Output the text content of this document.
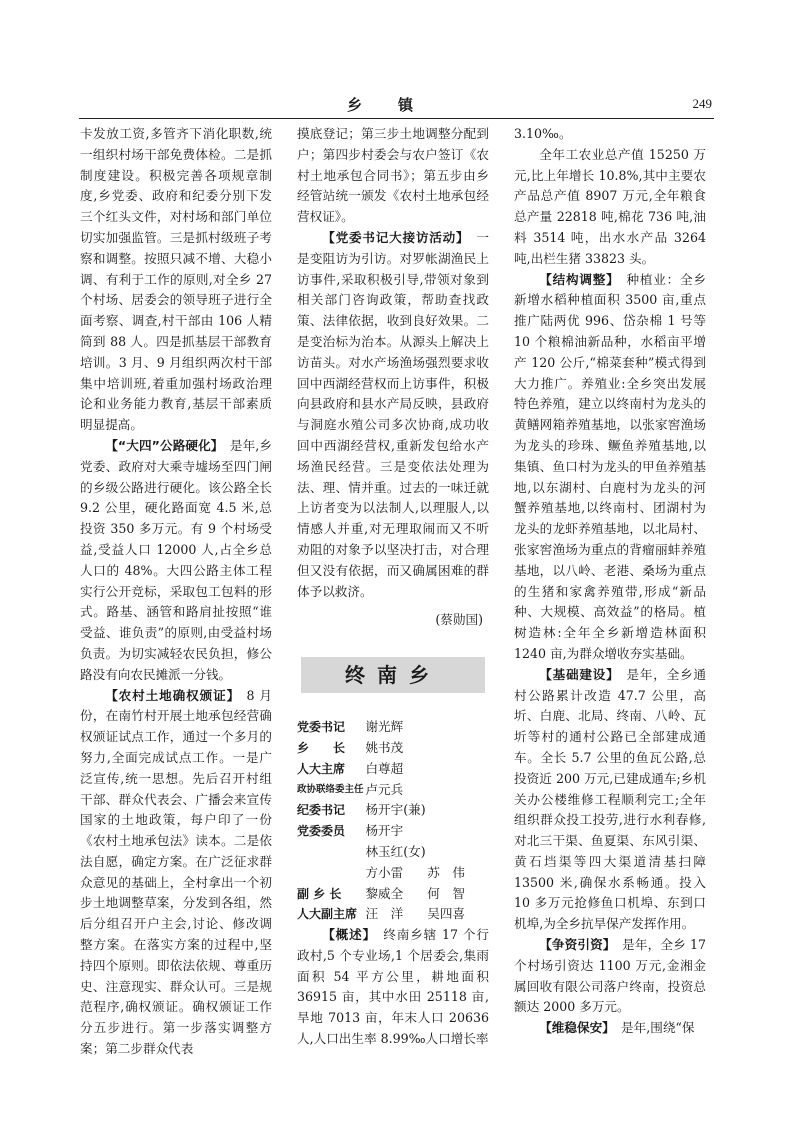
乡 镇	249

卡发放工资,多管齐下消化职数,统一组织村场干部免费体检。二是抓制度建设。积极完善各项规章制度,乡党委、政府和纪委分别下发三个红头文件，对村场和部门单位切实加强监管。三是抓村级班子考察和调整。按照只减不增、大稳小调、有利于工作的原则,对全乡 27 个村场、居委会的领导班子进行全面考察、调查,村干部由 106 人精简到 88 人。四是抓基层干部教育培训。3 月、9 月组织两次村干部集中培训班,着重加强村场政治理论和业务能力教育,基层干部素质明显提高。

【“大四”公路硬化】  是年,乡党委、政府对大乘寺墟场至四门闸的乡级公路进行硬化。该公路全长 9.2 公里，硬化路面宽 4.5 米,总投资 350 多万元。有 9 个村场受益,受益人口 12000 人,占全乡总人口的 48%。大四公路主体工程实行公开竞标，采取包工包料的形式。路基、涵管和路肩扯按照“谁受益、谁负责”的原则,由受益村场负责。为切实减轻农民负担，修公路没有向农民摊派一分钱。

【农村土地确权颁证】  8 月份，在南竹村开展土地承包经营确权颁证试点工作，通过一个多月的努力,全面完成试点工作。一是广泛宣传,统一思想。先后召开村组干部、群众代表会、广播会来宣传国家的土地政策，每户印了一份《农村土地承包法》读本。二是依法自愿，确定方案。在广泛征求群众意见的基础上，全村拿出一个初步土地调整草案，分发到各组，然后分组召开户主会,讨论、修改调整方案。在落实方案的过程中,坚持四个原则。即依法依规、尊重历史、注意现实、群众认可。三是规范程序,确权颁证。确权颁证工作分五步进行。第一步落实调整方案；第二步群众代表

摸底登记；第三步土地调整分配到户；第四步村委会与农户签订《农村土地承包合同书》；第五步由乡经管站统一颁发《农村土地承包经营权证》。

【党委书记大接访活动】  一是变阻访为引访。对罗帐湖渔民上访事件,采取积极引导,带领对象到相关部门咨询政策，帮助查找政策、法律依据，收到良好效果。二是变治标为治本。从源头上解决上访苗头。对水产场渔场强烈要求收回中西湖经营权而上访事件，积极向县政府和县水产局反映，县政府与洞庭水殖公司多次协商,成功收回中西湖经营权,重新发包给水产场渔民经营。三是变依法处理为法、理、情并重。过去的一味迁就上访者变为以法制人,以理服人,以情感人并重,对无理取闹而又不听劝阻的对象予以坚决打击，对合理但又没有依据，而又确属困难的群体予以救济。

(蔡勋国)

终南乡
党委书记	谢光辉
乡　　长	姚书茂
人大主席	白尊超
政协联络委主任	卢元兵
纪委书记	杨开宇(兼)
党委委员	杨开宇
	林玉红(女)
	方小雷 苏　伟
副 乡 长	黎威全 何　智
人大副主席	汪　洋 吴四喜

【概述】  终南乡辖 17 个行政村,5 个专业场,1 个居委会,集雨面积 54 平方公里，耕地面积 36915 亩，其中水田 25118 亩,旱地 7013 亩，年末人口 20636 人,人口出生率 8.99‰人口增长率

3.10‰。

全年工农业总产值 15250 万元,比上年增长 10.8%,其中主要农产品总产值 8907 万元,全年粮食总产量 22818 吨,棉花 736 吨,油料 3514 吨，出水水产品 3264 吨,出栏生猪 33823 头。

【结构调整】  种植业：全乡新增水稻种植面积 3500 亩,重点推广陆两优 996、岱杂棉 1 号等 10 个粮棉油新品种，水稻亩平增产 120 公斤,“棉菜套种”模式得到大力推广。养殖业:全乡突出发展特色养殖，建立以终南村为龙头的黄鳝网箱养殖基地，以张家窖渔场为龙头的珍珠、鳜鱼养殖基地,以集镇、鱼口村为龙头的甲鱼养殖基地,以东湖村、白鹿村为龙头的河蟹养殖基地,以终南村、团湖村为龙头的龙虾养殖基地，以北局村、张家窖渔场为重点的背瘤丽蚌养殖基地，以八岭、老港、桑场为重点的生猪和家禽养殖带,形成“新品种、大规模、高效益”的格局。植树造林:全年全乡新增造林面积 1240 亩,为群众增收夯实基础。

【基础建设】  是年，全乡通村公路累计改造 47.7 公里，高圻、白鹿、北局、终南、八岭、瓦圻等村的通村公路已全部建成通车。全长 5.7 公里的鱼瓦公路,总投资近 200 万元,已建成通车;乡机关办公楼维修工程顺利完工;全年组织群众投工投劳,进行水利春修,对北三干渠、鱼夏渠、东风引渠、黄石垱渠等四大渠道清基扫障 13500 米,确保水系畅通。投入 10 多万元抢修鱼口机埠、东到口机埠,为全乡抗旱保产发挥作用。

【争资引资】  是年，全乡 17 个村场引资达 1100 万元,金湘金属回收有限公司落户终南，投资总额达 2000 多万元。

【维稳保安】  是年,围绕“保
